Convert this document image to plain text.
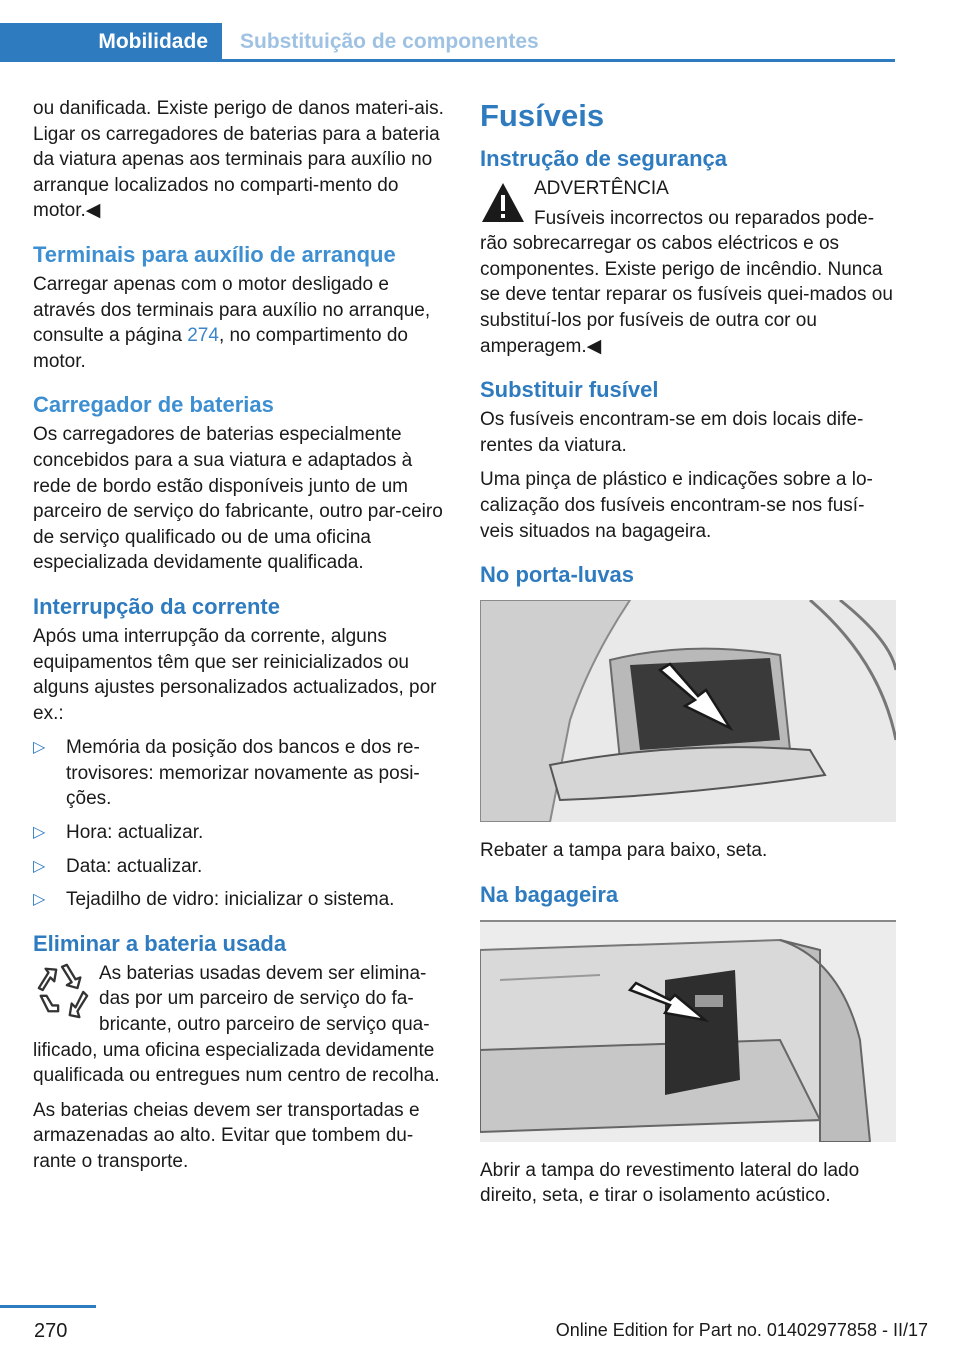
Mobilidade	Substituição de componentes

ou danificada. Existe perigo de danos materi‐ais. Ligar os carregadores de baterias para a bateria da viatura apenas aos terminais para auxílio no arranque localizados no comparti‐mento do motor.◀

Terminais para auxílio de arranque

Carregar apenas com o motor desligado e através dos terminais para auxílio no arranque, consulte a página 274, no compartimento do motor.

Carregador de baterias

Os carregadores de baterias especialmente concebidos para a sua viatura e adaptados à rede de bordo estão disponíveis junto de um parceiro de serviço do fabricante, outro par‐ceiro de serviço qualificado ou de uma oficina especializada devidamente qualificada.

Interrupção da corrente

Após uma interrupção da corrente, alguns equipamentos têm que ser reinicializados ou alguns ajustes personalizados actualizados, por ex.:

▷ Memória da posição dos bancos e dos re‐trovisores: memorizar novamente as posi‐ções.
▷ Hora: actualizar.
▷ Data: actualizar.
▷ Tejadilho de vidro: inicializar o sistema.
Eliminar a bateria usada

As baterias usadas devem ser elimina‐das por um parceiro de serviço do fa‐bricante, outro parceiro de serviço qua‐lificado, uma oficina especializada devidamente qualificada ou entregues num centro de recolha.

As baterias cheias devem ser transportadas e armazenadas ao alto. Evitar que tombem du‐rante o transporte.

Fusíveis
Instrução de segurança
ADVERTÊNCIA

Fusíveis incorrectos ou reparados pode‐rão sobrecarregar os cabos eléctricos e os componentes. Existe perigo de incêndio. Nunca se deve tentar reparar os fusíveis quei‐mados ou substituí-los por fusíveis de outra cor ou amperagem.◀

Substituir fusível

Os fusíveis encontram-se em dois locais dife‐rentes da viatura.

Uma pinça de plástico e indicações sobre a lo‐calização dos fusíveis encontram-se nos fusí‐veis situados na bagageira.

No porta-luvas

Rebater a tampa para baixo, seta.

Na bagageira

Abrir a tampa do revestimento lateral do lado direito, seta, e tirar o isolamento acústico.

270	Online Edition for Part no. 01402977858 - II/17
